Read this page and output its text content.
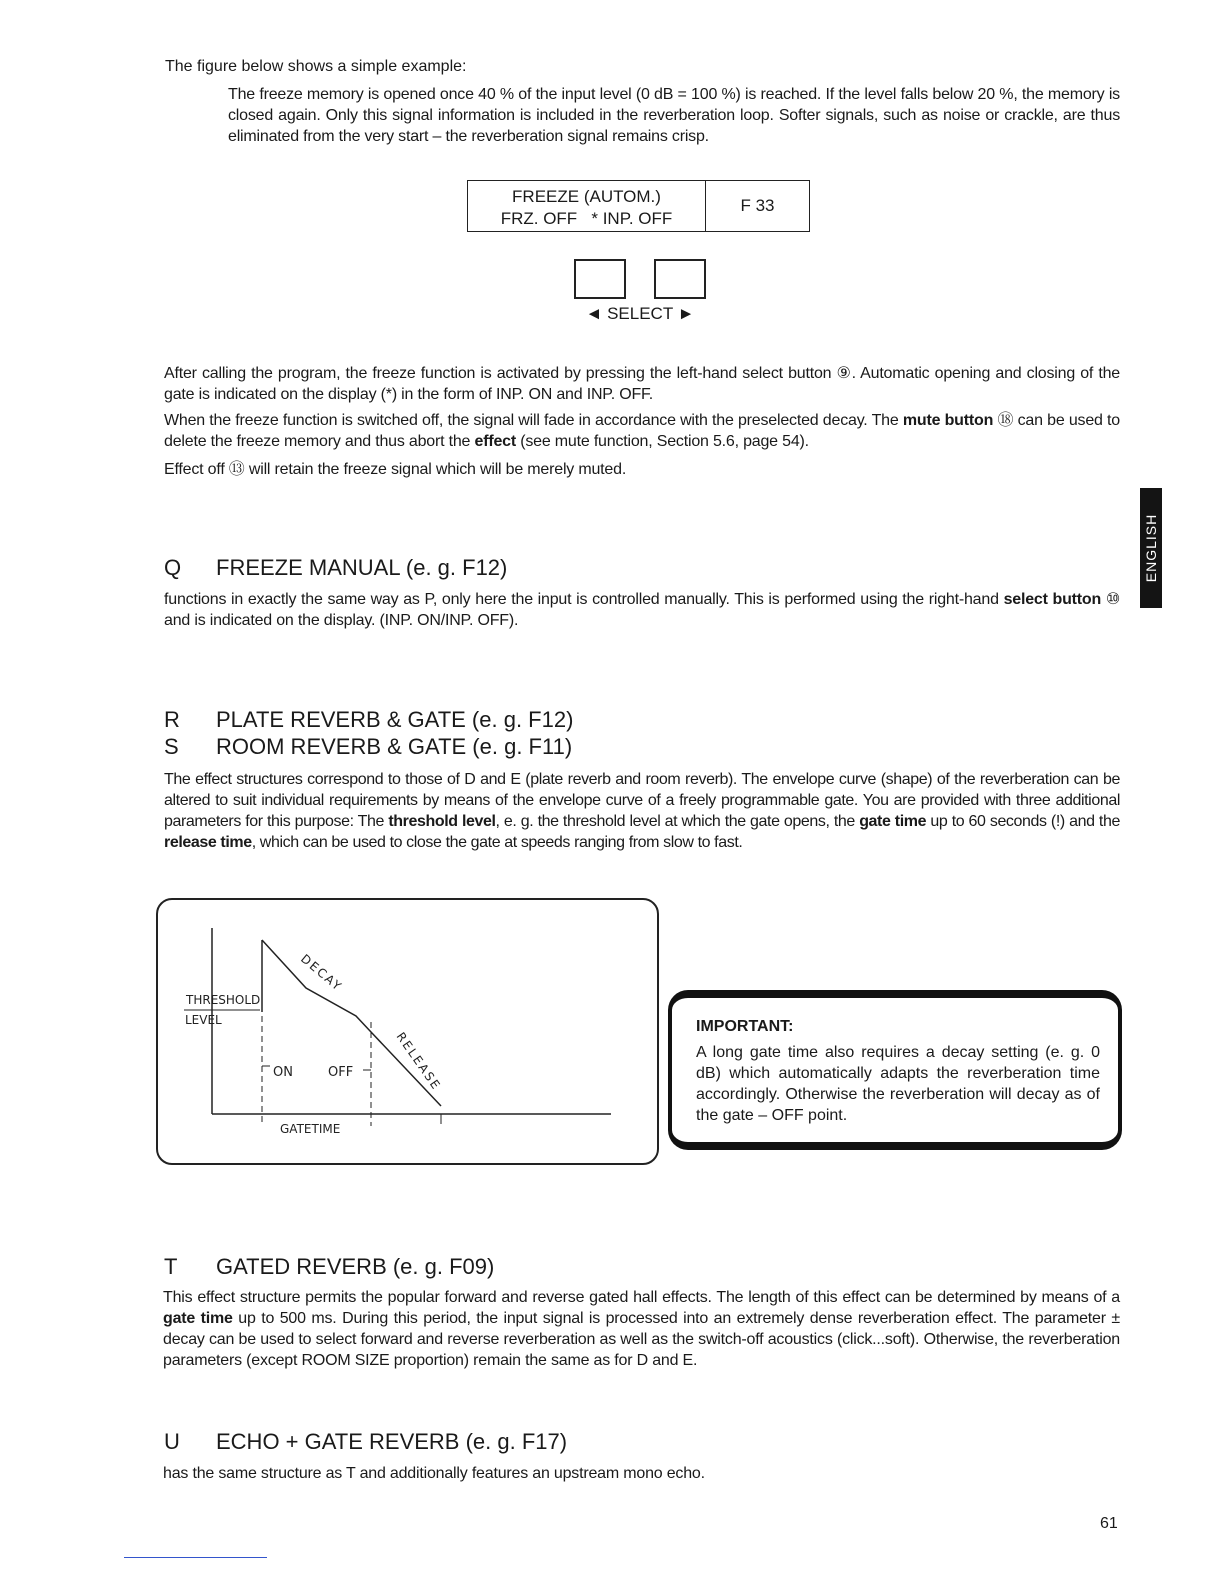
The figure below shows a simple example:
The freeze memory is opened once 40 % of the input level (0 dB = 100 %) is reached. If the level falls below 20 %, the memory is closed again. Only this signal information is included in the reverberation loop. Softer signals, such as noise or crackle, are thus eliminated from the very start – the reverberation signal remains crisp.
FREEZE (AUTOM.)
FRZ. OFF   * INP. OFF
F 33
◄ SELECT ►
After calling the program, the freeze function is activated by pressing the left-hand select button ⑨. Automatic opening and closing of the gate is indicated on the display (*) in the form of INP. ON and INP. OFF.
When the freeze function is switched off, the signal will fade in accordance with the preselected decay. The mute button ⑱ can be used to delete the freeze memory and thus abort the effect (see mute function, Section 5.6, page 54).
Effect off ⑬ will retain the freeze signal which will be merely muted.
ENGLISH
Q FREEZE MANUAL (e. g. F12)
functions in exactly the same way as P, only here the input is controlled manually. This is performed using the right-hand select button ⑩ and is indicated on the display. (INP. ON/INP. OFF).
R PLATE REVERB & GATE (e. g. F12)
S ROOM REVERB & GATE (e. g. F11)
The effect structures correspond to those of D and E (plate reverb and room reverb). The envelope curve (shape) of the reverberation can be altered to suit individual requirements by means of the envelope curve of a freely programmable gate. You are provided with three additional parameters for this purpose: The threshold level, e. g. the threshold level at which the gate opens, the gate time up to 60 seconds (!) and the release time, which can be used to close the gate at speeds ranging from slow to fast.
THRESHOLD
LEVEL
DECAY
RELEASE
ON	OFF
GATETIME
IMPORTANT:
A long gate time also requires a decay setting (e. g. 0 dB) which automatically adapts the reverberation time accordingly. Otherwise the reverberation will decay as of the gate – OFF point.
T GATED REVERB (e. g. F09)
This effect structure permits the popular forward and reverse gated hall effects. The length of this effect can be determined by means of a gate time up to 500 ms. During this period, the input signal is processed into an extremely dense reverberation effect. The parameter ± decay can be used to select forward and reverse reverberation as well as the switch-off acoustics (click...soft). Otherwise, the reverberation parameters (except ROOM SIZE proportion) remain the same as for D and E.
U ECHO + GATE REVERB (e. g. F17)
has the same structure as T and additionally features an upstream mono echo.
61
